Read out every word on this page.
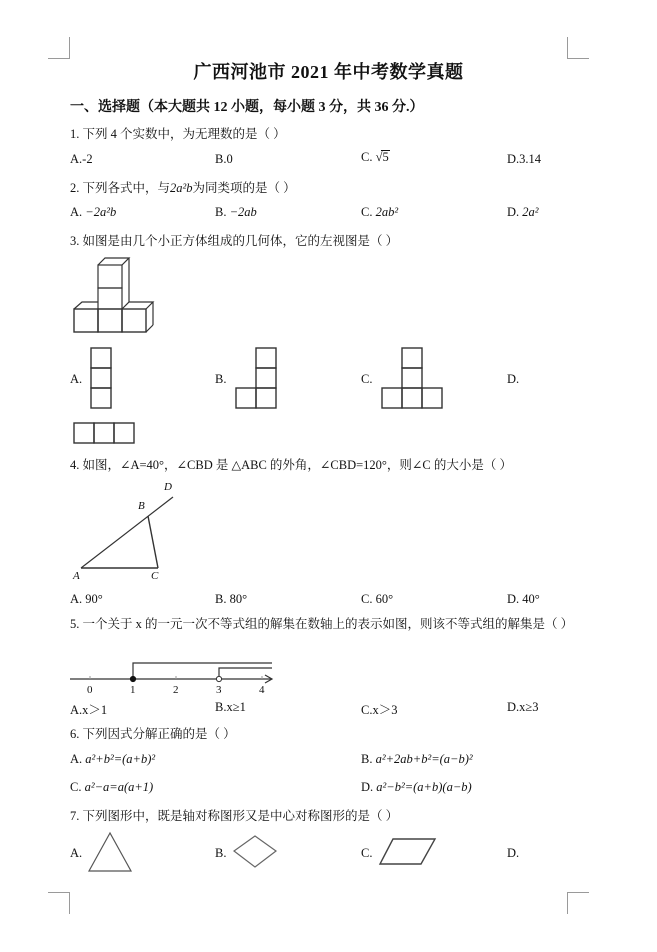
广西河池市 2021 年中考数学真题
一、选择题（本大题共 12 小题，每小题 3 分，共 36 分.）
1. 下列 4 个实数中，为无理数的是（ ）
A.-2	B.0	C. √5	D.3.14
2. 下列各式中，与2a²b为同类项的是（ ）
A. −2a²b	B. −2ab	C. 2ab²	D. 2a²
3. 如图是由几个小正方体组成的几何体，它的左视图是（ ）
A.	B.	C.	D.
4. 如图，∠A=40°，∠CBD 是 △ABC 的外角，∠CBD=120°，则∠C 的大小是（ ）
A
B
C
D
A. 90°	B. 80°	C. 60°	D. 40°
5. 一个关于 x 的一元一次不等式组的解集在数轴上的表示如图，则该不等式组的解集是（ ）
0	1	2	3	4
A.x＞1	B.x≥1	C.x＞3	D.x≥3
6. 下列因式分解正确的是（ ）
A. a²+b²=(a+b)²	B. a²+2ab+b²=(a−b)²
C. a²−a=a(a+1)	D. a²−b²=(a+b)(a−b)
7. 下列图形中，既是轴对称图形又是中心对称图形的是（ ）
A.	B.	C.	D.
